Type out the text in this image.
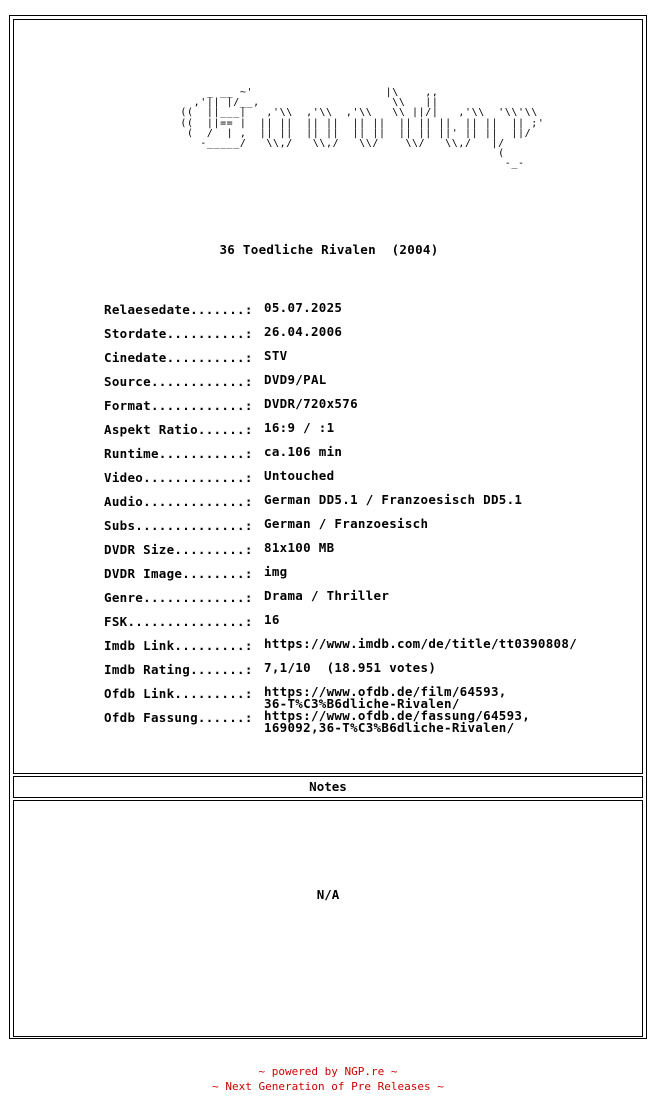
_ __ ~'                    |\    ,,
,'|| |/__,                    \\   ||
((  ||___|   ,'\\  ,'\\  ,'\\   \\ ||/|   ,'\\  '\\'\\
((  ||== |  || ||  || ||  || ||  || || ||  || ||  || ;'
(  /  | ,  || ||  || ||  || ||  || || ||' || ||  ||/
-_____/   \\,/   \\,/   \\/    \\/   \\,/   |/
(
-_-
36 Toedliche Rivalen  (2004)
Relaesedate.......: 05.07.2025
Stordate..........: 26.04.2006
Cinedate..........: STV
Source............: DVD9/PAL
Format............: DVDR/720x576
Aspekt Ratio......: 16:9 / :1
Runtime...........: ca.106 min
Video.............: Untouched
Audio.............: German DD5.1 / Franzoesisch DD5.1
Subs..............: German / Franzoesisch
DVDR Size.........: 81x100 MB
DVDR Image........: img
Genre.............: Drama / Thriller
FSK...............: 16
Imdb Link.........: https://www.imdb.com/de/title/tt0390808/
Imdb Rating.......: 7,1/10  (18.951 votes)
Ofdb Link.........: https://www.ofdb.de/film/64593,
36-T%C3%B6dliche-Rivalen/
Ofdb Fassung......: https://www.ofdb.de/fassung/64593,
169092,36-T%C3%B6dliche-Rivalen/
Notes
N/A
~ powered by NGP.re ~
~ Next Generation of Pre Releases ~
